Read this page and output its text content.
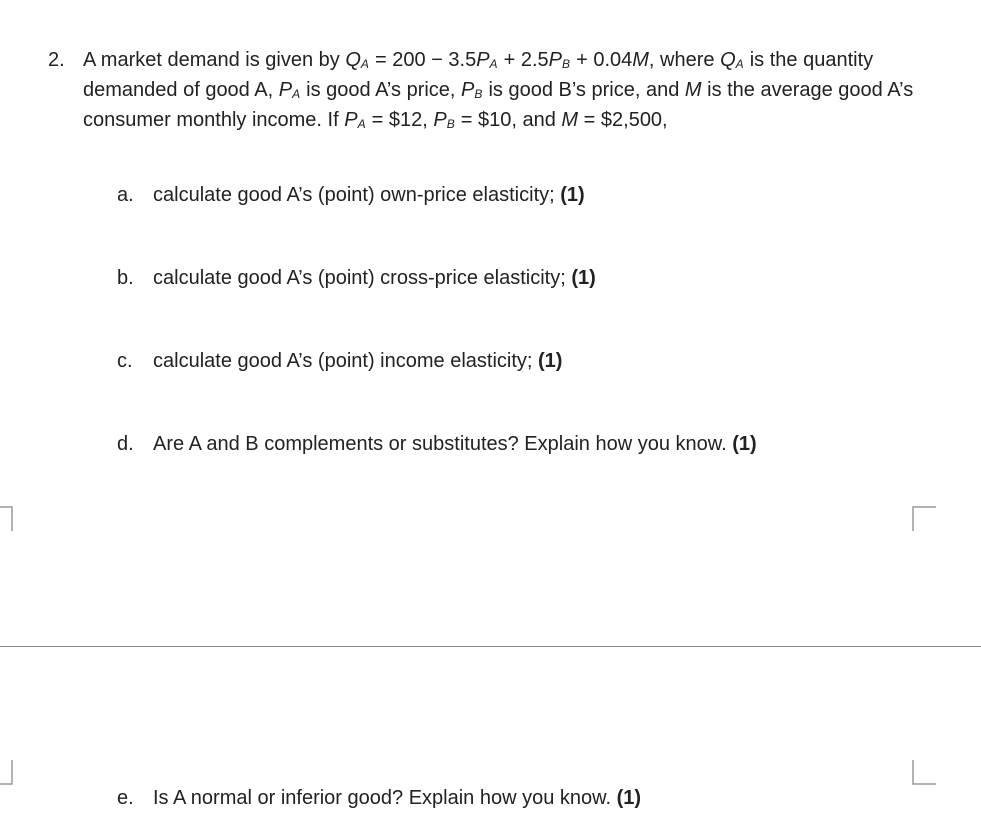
2. A market demand is given by $Q_A = 200 - 3.5P_A + 2.5P_B + 0.04M$, where $Q_A$ is the quantity demanded of good A, $P_A$ is good A’s price, $P_B$ is good B’s price, and M is the average good A’s consumer monthly income. If $P_A$ = $12, $P_B$ = $10, and M = $2,500,

a. calculate good A’s (point) own-price elasticity; (1)
b. calculate good A’s (point) cross-price elasticity; (1)
c. calculate good A’s (point) income elasticity; (1)
d. Are A and B complements or substitutes? Explain how you know. (1)
e. Is A normal or inferior good? Explain how you know. (1)
